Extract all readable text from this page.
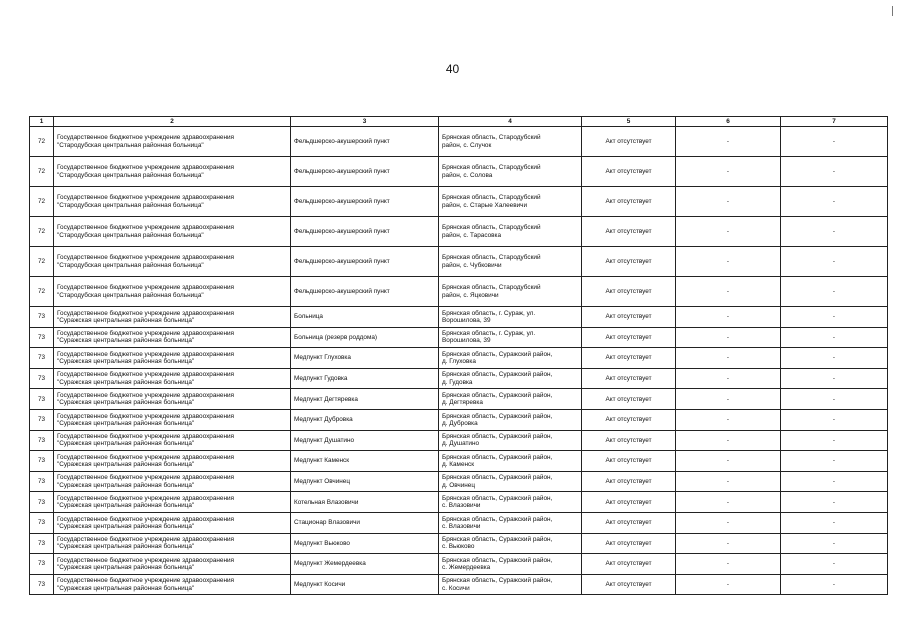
40
1	2	3	4	5	6	7
72	Государственное бюджетное учреждение здравоохранения
"Стародубская центральная районная больница"	Фельдшерско-акушерский пункт	Брянская область, Стародубский
район, с. Случок	Акт отсутствует	-	-
72	Государственное бюджетное учреждение здравоохранения
"Стародубская центральная районная больница"	Фельдшерско-акушерский пункт	Брянская область, Стародубский
район, с. Солова	Акт отсутствует	-	-
72	Государственное бюджетное учреждение здравоохранения
"Стародубская центральная районная больница"	Фельдшерско-акушерский пункт	Брянская область, Стародубский
район, с. Старые Халеевичи	Акт отсутствует	-	-
72	Государственное бюджетное учреждение здравоохранения
"Стародубская центральная районная больница"	Фельдшерско-акушерский пункт	Брянская область, Стародубский
район, с. Тарасовка	Акт отсутствует	-	-
72	Государственное бюджетное учреждение здравоохранения
"Стародубская центральная районная больница"	Фельдшерско-акушерский пункт	Брянская область, Стародубский
район, с. Чубковичи	Акт отсутствует	-	-
72	Государственное бюджетное учреждение здравоохранения
"Стародубская центральная районная больница"	Фельдшерско-акушерский пункт	Брянская область, Стародубский
район, с. Яцковичи	Акт отсутствует	-	-
73	Государственное бюджетное учреждение здравоохранения
"Суражская центральная районная больница"	Больница	Брянская область, г. Сураж, ул.
Ворошилова, 39	Акт отсутствует	-	-
73	Государственное бюджетное учреждение здравоохранения
"Суражская центральная районная больница"	Больница (резерв роддома)	Брянская область, г. Сураж, ул.
Ворошилова, 39	Акт отсутствует	-	-
73	Государственное бюджетное учреждение здравоохранения
"Суражская центральная районная больница"	Медпункт Глуховка	Брянская область, Суражский район,
д. Глуховка	Акт отсутствует	-	-
73	Государственное бюджетное учреждение здравоохранения
"Суражская центральная районная больница"	Медпункт Гудовка	Брянская область, Суражский район,
д. Гудовка	Акт отсутствует	-	-
73	Государственное бюджетное учреждение здравоохранения
"Суражская центральная районная больница"	Медпункт Дегтяревка	Брянская область, Суражский район,
д. Дегтяревка	Акт отсутствует	-	-
73	Государственное бюджетное учреждение здравоохранения
"Суражская центральная районная больница"	Медпункт Дубровка	Брянская область, Суражский район,
д. Дубровка	Акт отсутствует	-	-
73	Государственное бюджетное учреждение здравоохранения
"Суражская центральная районная больница"	Медпункт Душатино	Брянская область, Суражский район,
д. Душатино	Акт отсутствует	-	-
73	Государственное бюджетное учреждение здравоохранения
"Суражская центральная районная больница"	Медпункт Каменск	Брянская область, Суражский район,
д. Каменск	Акт отсутствует	-	-
73	Государственное бюджетное учреждение здравоохранения
"Суражская центральная районная больница"	Медпункт Овчинец	Брянская область, Суражский район,
д. Овчинец	Акт отсутствует	-	-
73	Государственное бюджетное учреждение здравоохранения
"Суражская центральная районная больница"	Котельная Влазовичи	Брянская область, Суражский район,
с. Влазовичи	Акт отсутствует	-	-
73	Государственное бюджетное учреждение здравоохранения
"Суражская центральная районная больница"	Стационар Влазовичи	Брянская область, Суражский район,
с. Влазовичи	Акт отсутствует	-	-
73	Государственное бюджетное учреждение здравоохранения
"Суражская центральная районная больница"	Медпункт Вьюково	Брянская область, Суражский район,
с. Вьюково	Акт отсутствует	-	-
73	Государственное бюджетное учреждение здравоохранения
"Суражская центральная районная больница"	Медпункт Жемердеевка	Брянская область, Суражский район,
с. Жемердеевка	Акт отсутствует	-	-
73	Государственное бюджетное учреждение здравоохранения
"Суражская центральная районная больница"	Медпункт Косичи	Брянская область, Суражский район,
с. Косичи	Акт отсутствует	-	-
